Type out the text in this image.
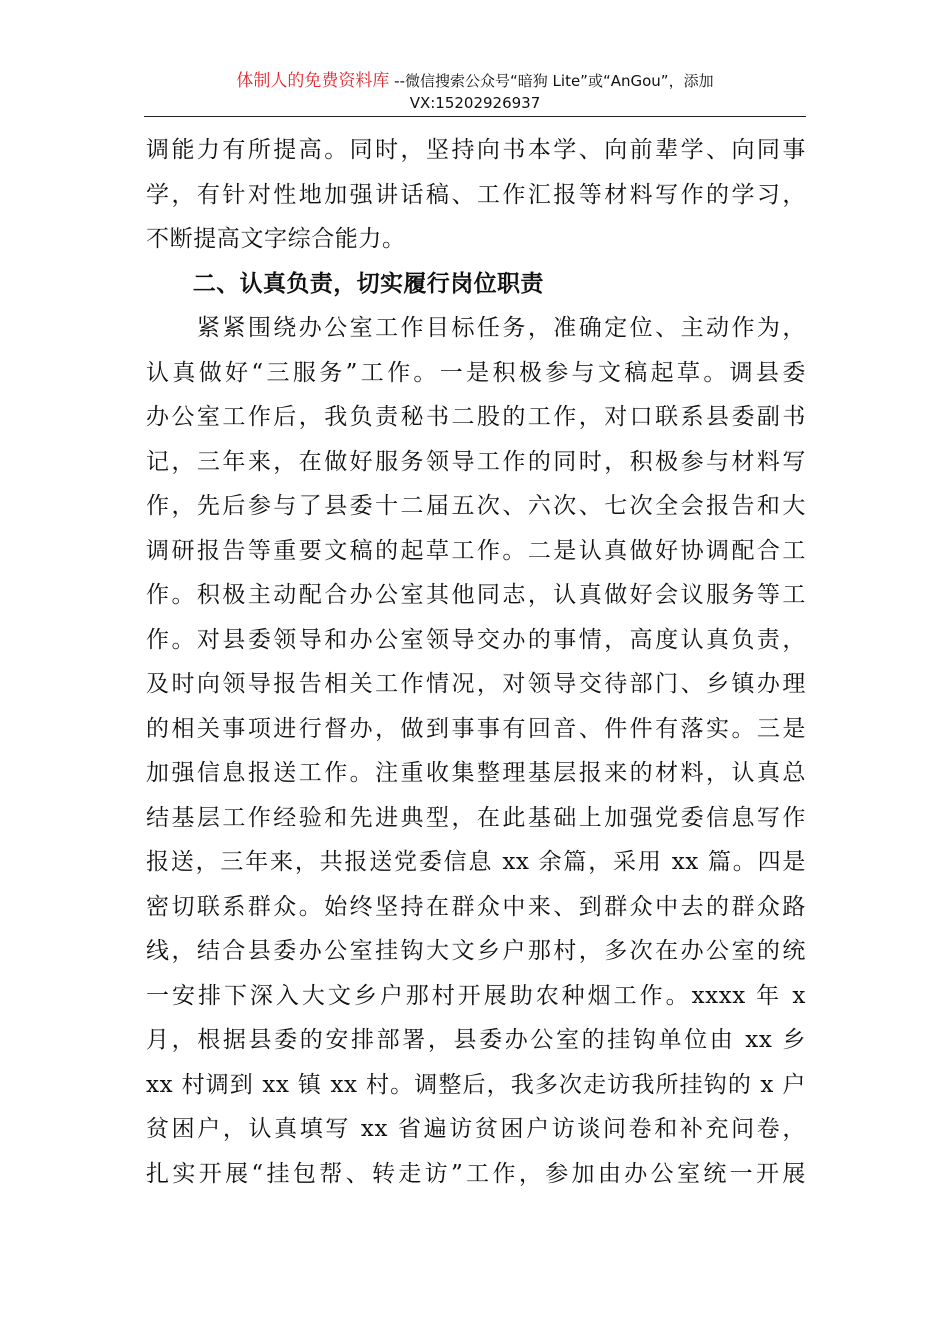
体制人的免费资料库 --微信搜索公众号“暗狗 Lite”或“AnGou”，添加
VX:15202926937
调能力有所提高。同时，坚持向书本学、向前辈学、向同事
学，有针对性地加强讲话稿、工作汇报等材料写作的学习，
不断提高文字综合能力。
　　二、认真负责，切实履行岗位职责
　　紧紧围绕办公室工作目标任务，准确定位、主动作为，
认真做好“三服务”工作。一是积极参与文稿起草。调县委
办公室工作后，我负责秘书二股的工作，对口联系县委副书
记，三年来，在做好服务领导工作的同时，积极参与材料写
作，先后参与了县委十二届五次、六次、七次全会报告和大
调研报告等重要文稿的起草工作。二是认真做好协调配合工
作。积极主动配合办公室其他同志，认真做好会议服务等工
作。对县委领导和办公室领导交办的事情，高度认真负责，
及时向领导报告相关工作情况，对领导交待部门、乡镇办理
的相关事项进行督办，做到事事有回音、件件有落实。三是
加强信息报送工作。注重收集整理基层报来的材料，认真总
结基层工作经验和先进典型，在此基础上加强党委信息写作
报送，三年来，共报送党委信息 xx 余篇，采用 xx 篇。四是
密切联系群众。始终坚持在群众中来、到群众中去的群众路
线，结合县委办公室挂钩大文乡户那村，多次在办公室的统
一安排下深入大文乡户那村开展助农种烟工作。xxxx 年 x
月，根据县委的安排部署，县委办公室的挂钩单位由 xx 乡
xx 村调到 xx 镇 xx 村。调整后，我多次走访我所挂钩的 x 户
贫困户，认真填写 xx 省遍访贫困户访谈问卷和补充问卷，
扎实开展“挂包帮、转走访”工作，参加由办公室统一开展
